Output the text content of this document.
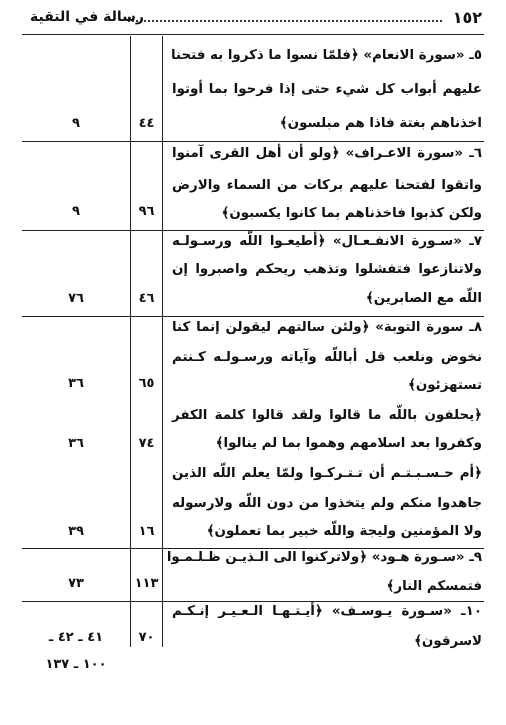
١٥٢
رسالة في التقية
٥ـ «سورة الانعام» ﴿فلمّا نسوا ما ذكروا به فتحنا
عليهم أبواب كل شيء حتى إذا فرحوا بما أوتوا
اخذناهم بغتة فاذا هم مبلسون﴾
٤٤
٩
٦ـ «سورة الاعـراف» ﴿ولو أن أهل القرى آمنوا
واتقوا لفتحنا عليهم بركات من السماء والارض
ولكن كذبوا فاخذناهم بما كانوا يكسبون﴾
٩٦
٩
٧ـ «سـورة الانفـعـال» ﴿أطيعـوا اللّه ورسـولـه
ولاتنازعوا فتفشلوا وتذهب ريحكم واصبروا إن
اللّه مع الصابرين﴾
٤٦
٧٦
٨ـ سورة التوبة» ﴿ولئن سالتهم ليقولن إنما كنا
نخوض ونلعب قل أباللّه وآياته ورسـولـه كـنتم
تستهزئون﴾
٦٥
٣٦
﴿يحلفون باللّه ما قالوا ولقد قالوا كلمة الكفر
وكفروا بعد اسلامهم وهموا بما لم ينالوا﴾
٧٤
٣٦
﴿أم حـسـبـتـم أن تـتـركـوا ولمّا يعلم اللّه الذين
جاهدوا منكم ولم يتخذوا من دون اللّه ولارسوله
ولا المؤمنين وليجة واللّه خبير بما تعملون﴾
١٦
٣٩
٩ـ «سـورة هـود» ﴿ولاتركنوا الى الـذيـن ظـلـمـوا
فتمسكم النار﴾
١١٣
٧٣
١٠ـ «سـورة يـوسـف» ﴿أيـتـهـا الـعـيـر إنـكـم
لاسرقون﴾
٧٠
٤١ ـ ٤٢ ـ
١٠٠ ـ ١٣٧
